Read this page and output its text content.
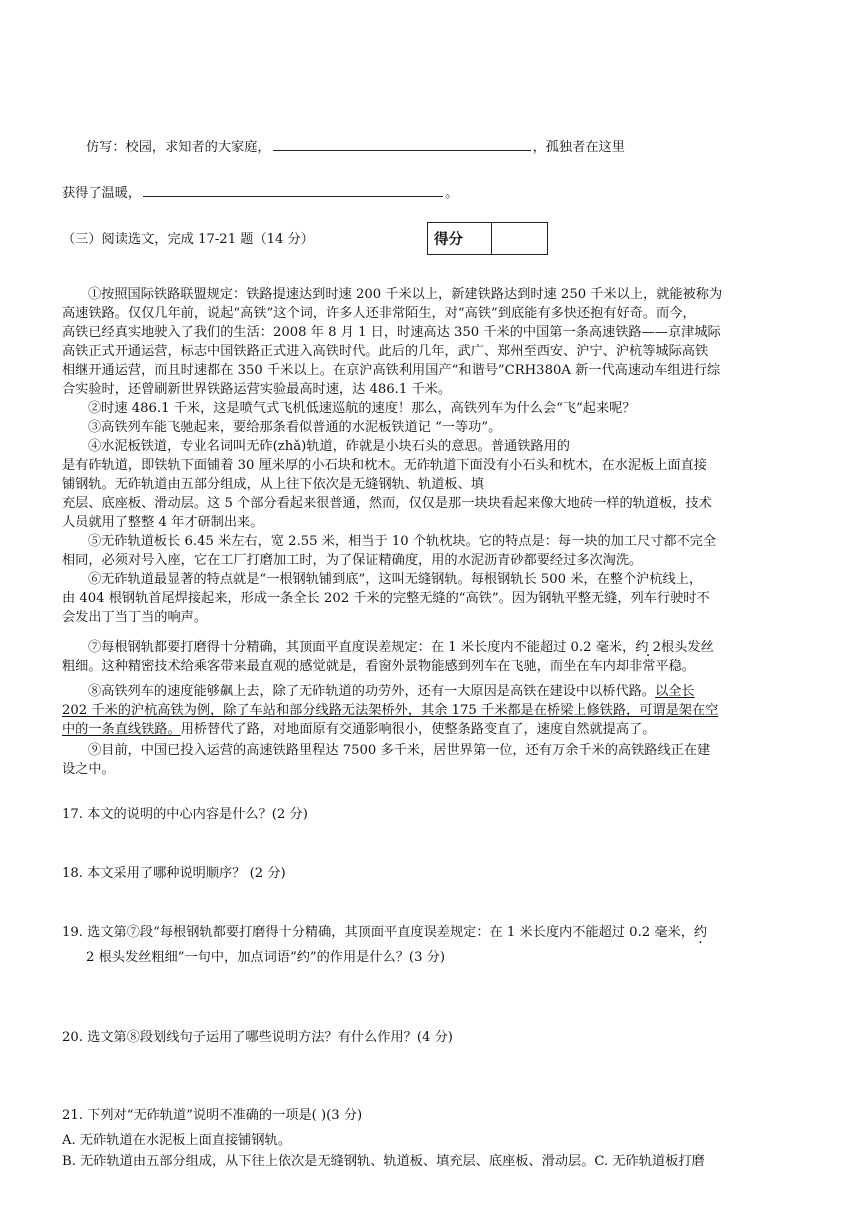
仿写：校园，求知者的大家庭，	，孤独者在这里
获得了温暖，	。
（三）阅读选文，完成 17-21 题（14 分）	得分
①按照国际铁路联盟规定：铁路提速达到时速 200 千米以上，新建铁路达到时速 250 千米以上，就能被称为
高速铁路。仅仅几年前，说起“高铁”这个词，许多人还非常陌生，对“高铁”到底能有多快还抱有好奇。而今，
高铁已经真实地驶入了我们的生活：2008 年 8 月 1 日，时速高达 350 千米的中国第一条高速铁路——京津城际
高铁正式开通运营，标志中国铁路正式进入高铁时代。此后的几年，武广、郑州至西安、沪宁、沪杭等城际高铁
相继开通运营，而且时速都在 350 千米以上。在京沪高铁利用国产“和谐号”CRH380A 新一代高速动车组进行综
合实验时，还曾刷新世界铁路运营实验最高时速，达 486.1 千米。
②时速 486.1 千米，这是喷气式飞机低速巡航的速度！那么，高铁列车为什么会“飞”起来呢？
③高铁列车能飞驰起来，要给那条看似普通的水泥板铁道记 “一等功”。
④水泥板铁道，专业名词叫无砟(zhǎ)轨道，砟就是小块石头的意思。普通铁路用的
是有砟轨道，即铁轨下面铺着 30 厘米厚的小石块和枕木。无砟轨道下面没有小石头和枕木，在水泥板上面直接
铺钢轨。无砟轨道由五部分组成，从上往下依次是无缝钢轨、轨道板、填
充层、底座板、滑动层。这 5 个部分看起来很普通，然而，仅仅是那一块块看起来像大地砖一样的轨道板，技术
人员就用了整整 4 年才研制出来。
⑤无砟轨道板长 6.45 米左右，宽 2.55 米，相当于 10 个轨枕块。它的特点是：每一块的加工尺寸都不完全
相同，必须对号入座，它在工厂打磨加工时，为了保证精确度，用的水泥沥青砂都要经过多次淘洗。
⑥无砟轨道最显著的特点就是“一根钢轨铺到底”，这叫无缝钢轨。每根钢轨长 500 米，在整个沪杭线上，
由 404 根钢轨首尾焊接起来，形成一条全长 202 千米的完整无缝的“高铁”。因为钢轨平整无缝，列车行驶时不
会发出丁当丁当的响声。
⑦每根钢轨都要打磨得十分精确，其顶面平直度误差规定：在 1 米长度内不能超过 0.2 毫米，约 2 ·根头发丝
粗细。这种精密技术给乘客带来最直观的感觉就是，看窗外景物能感到列车在飞驰，而坐在车内却非常平稳。
⑧高铁列车的速度能够飙上去，除了无砟轨道的功劳外，还有一大原因是高铁在建设中以桥代路。以全长
202 千米的沪杭高铁为例，除了车站和部分线路无法架桥外，其余 175 千米都是在桥梁上修铁路，可谓是架在空
中的一条直线铁路。用桥替代了路，对地面原有交通影响很小，使整条路变直了，速度自然就提高了。
⑨目前，中国已投入运营的高速铁路里程达 7500 多千米，居世界第一位，还有万余千米的高铁路线正在建
设之中。
17. 本文的说明的中心内容是什么？(2 分)
18. 本文采用了哪种说明顺序？ (2 分)
19. 选文第⑦段“每根钢轨都要打磨得十分精确，其顶面平直度误差规定：在 1 米长度内不能超过 0.2 毫米，约
2 根头发丝粗细”一句中，加点词语“约”的作用是什么？(3 分)
20. 选文第⑧段划线句子运用了哪些说明方法？有什么作用？(4 分)
21. 下列对“无砟轨道”说明不准确的一项是( )(3 分)
A. 无砟轨道在水泥板上面直接铺钢轨。
B. 无砟轨道由五部分组成，从下往上依次是无缝钢轨、轨道板、填充层、底座板、滑动层。C. 无砟轨道板打磨
